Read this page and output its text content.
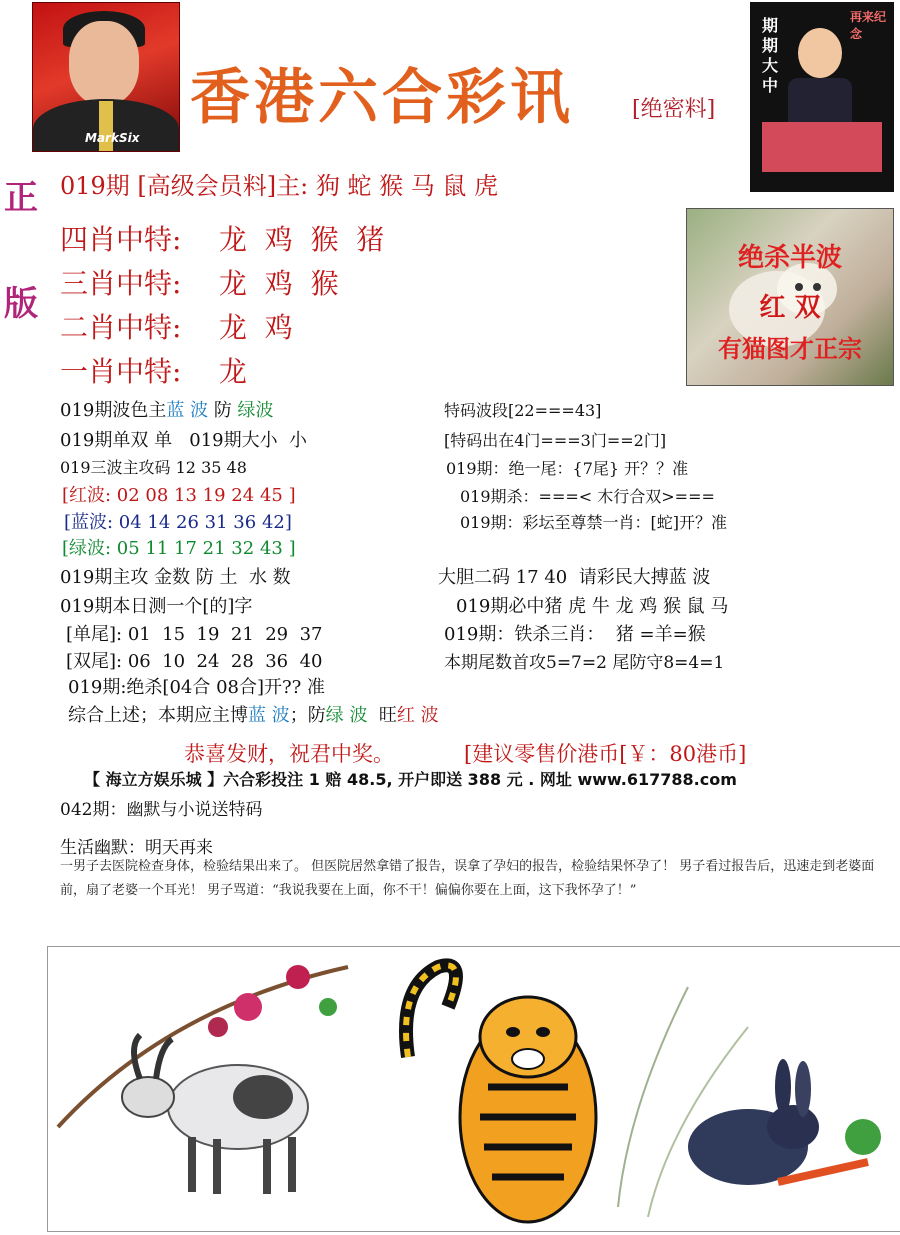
MarkSix
香港六合彩讯	[绝密料]
期期大中
再来纪念
正
版
019期 [高级会员料]主: 狗 蛇 猴 马 鼠 虎
四肖中特: 龙  鸡  猴  猪
三肖中特: 龙  鸡  猴
二肖中特: 龙  鸡
一肖中特: 龙
绝杀半波
红 双
有猫图才正宗
019期波色主蓝 波 防 绿波
019期单双 单   019期大小  小
019三波主攻码 12 35 48
[红波: 02 08 13 19 24 45 ]
[蓝波: 04 14 26 31 36 42]
[绿波: 05 11 17 21 32 43 ]
019期主攻 金数 防 土  水 数
019期本日测一个[的]字
[单尾]: 01  15  19  21  29  37
[双尾]: 06  10  24  28  36  40
019期:绝杀[04合 08合]开?? 准
综合上述；本期应主博蓝 波；防绿 波  旺红 波
特码波段[22===43]
[特码出在4门===3门==2门]
019期：绝一尾：{7尾} 开？？准
019期杀：===< 木行合双>===
019期：彩坛至尊禁一肖：[蛇]开？准
大胆二码 17 40  请彩民大搏蓝 波
019期必中猪 虎 牛 龙 鸡 猴 鼠 马
019期：铁杀三肖：  猪 =羊=猴
本期尾数首攻5=7=2 尾防守8=4=1
恭喜发财，祝君中奖。	[建议零售价港币[￥：80港币]
【 海立方娱乐城 】六合彩投注 1 赔 48.5, 开户即送 388 元 . 网址 www.617788.com
042期：幽默与小说送特码
生活幽默：明天再来
一男子去医院检查身体，检验结果出来了。 但医院居然拿错了报告，误拿了孕妇的报告，检验结果怀孕了！ 男子看过报告后，迅速走到老婆面前，扇了老婆一个耳光！ 男子骂道：“我说我要在上面，你不干！偏偏你要在上面，这下我怀孕了！”
